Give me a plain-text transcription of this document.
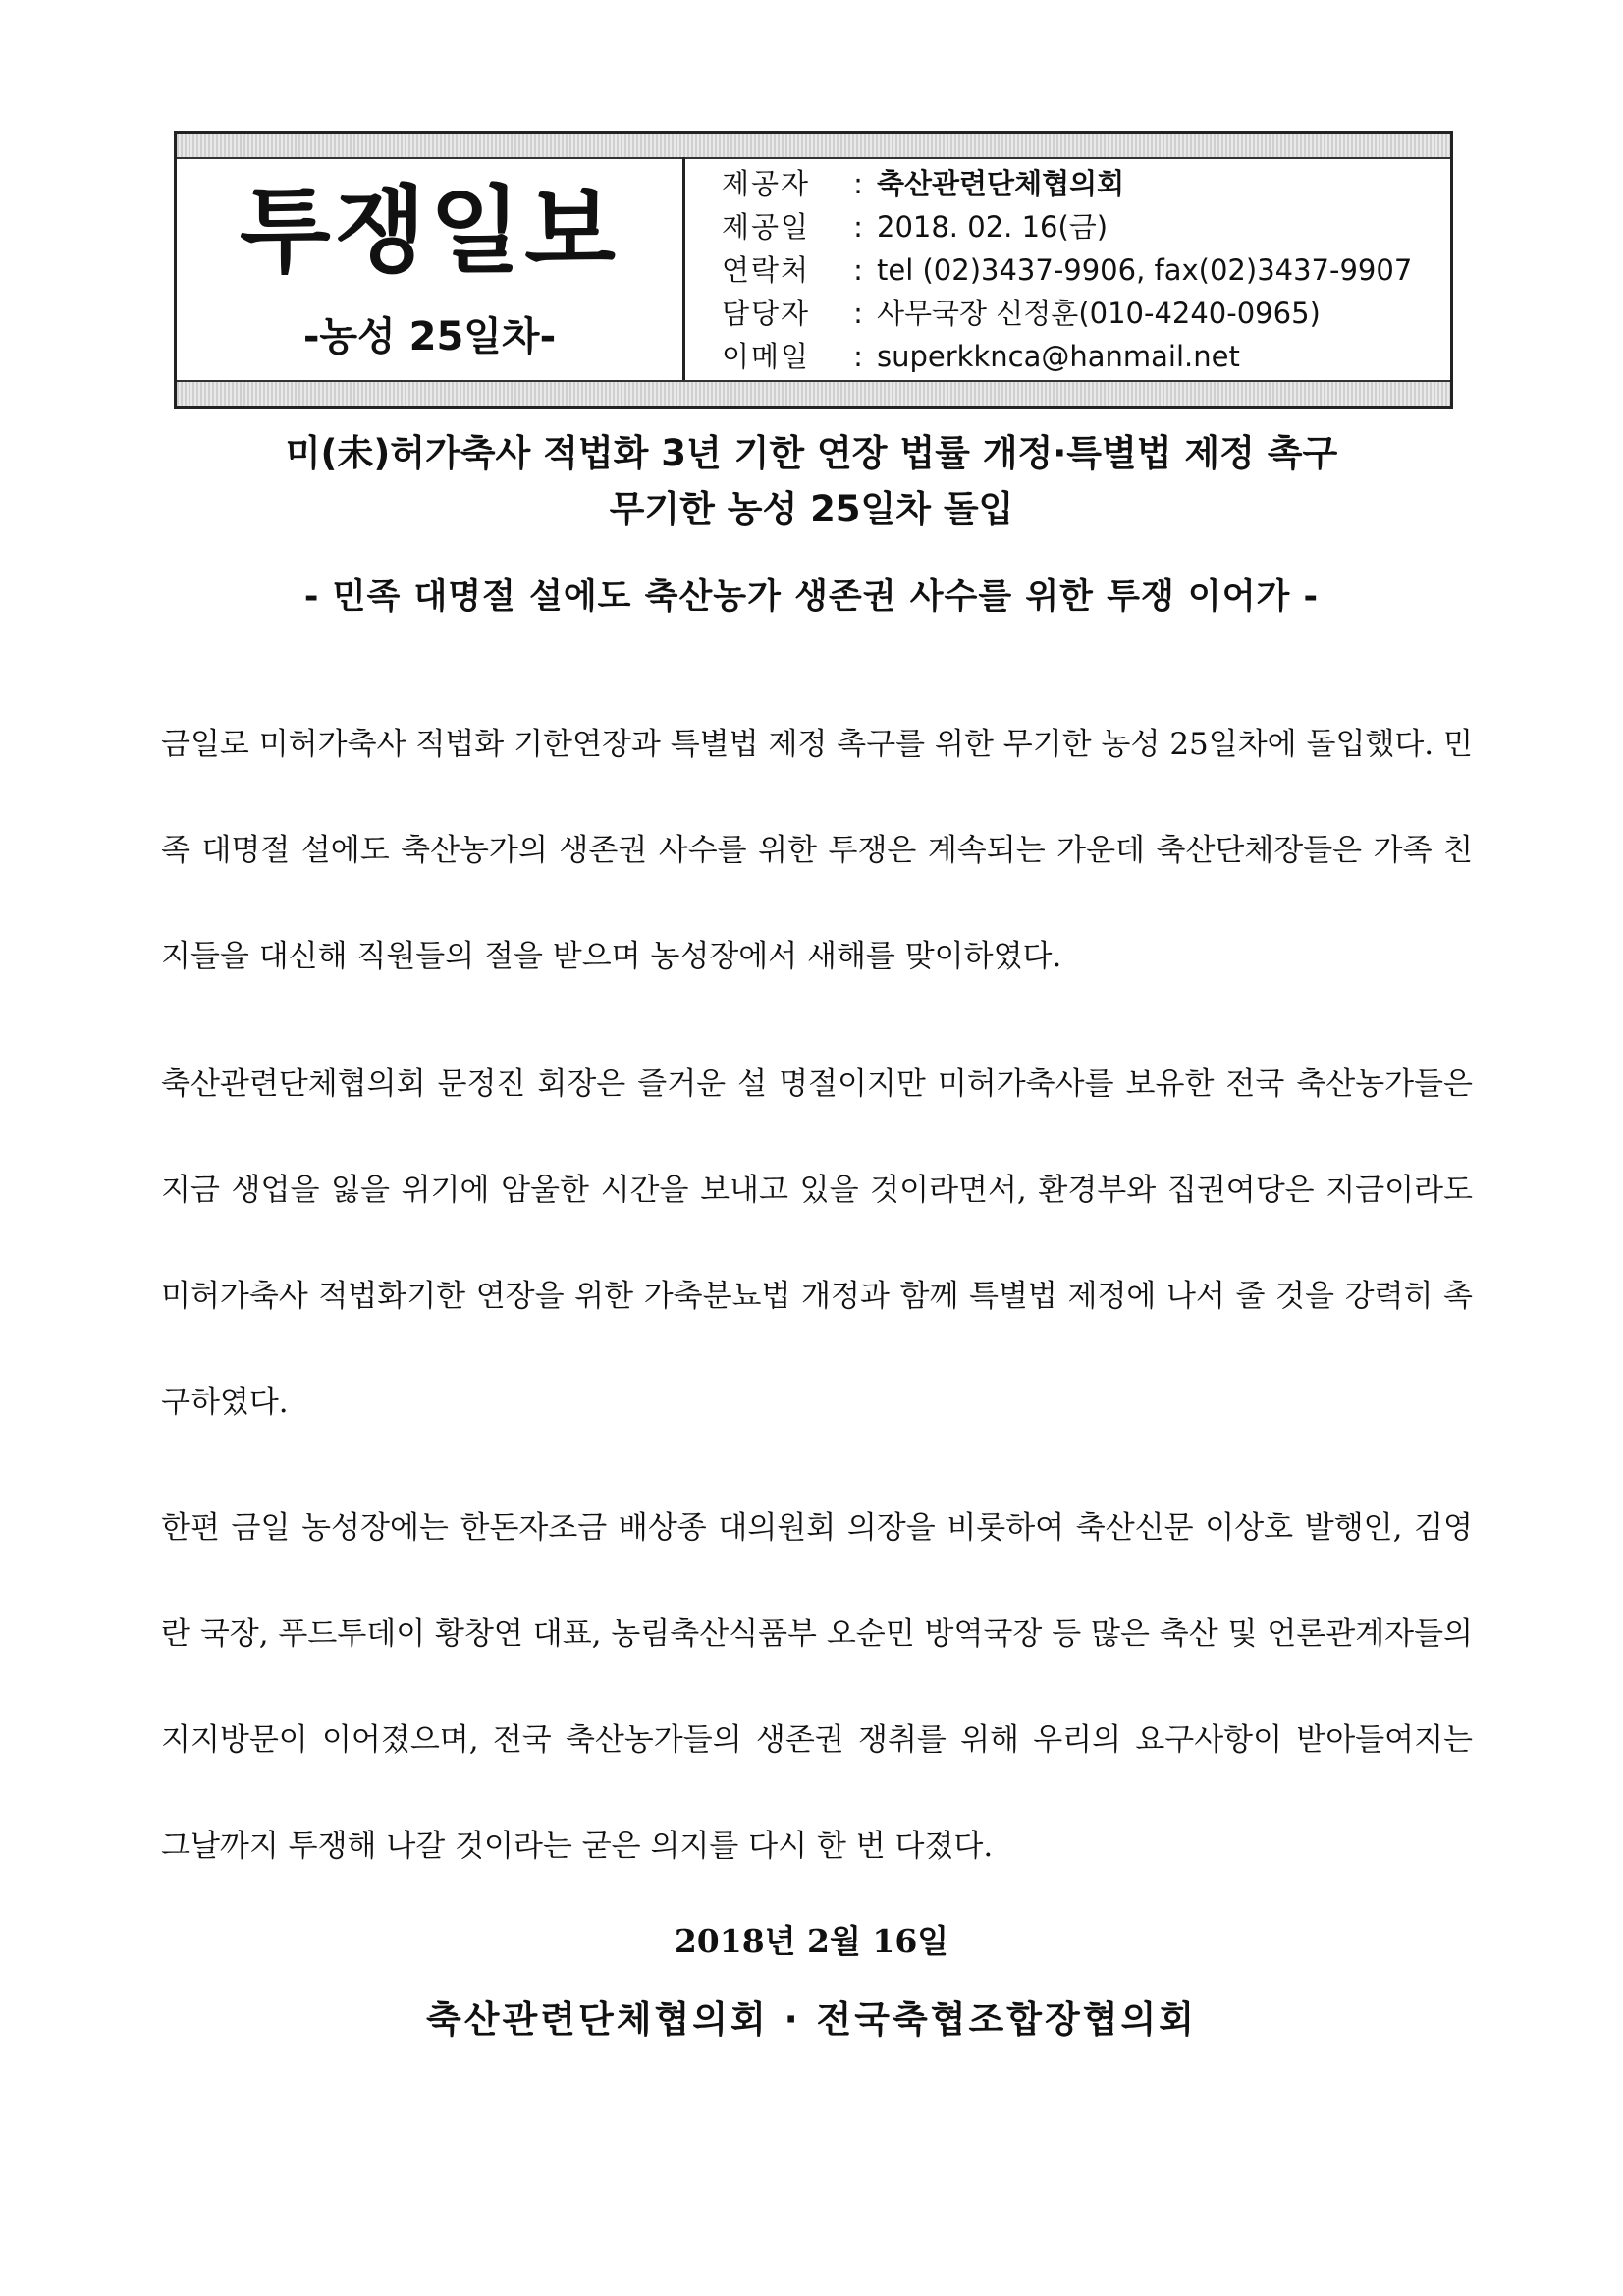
투쟁일보
-농성 25일차-
제공자 : 축산관련단체협의회
제공일 : 2018. 02. 16(금)
연락처 : tel (02)3437-9906, fax(02)3437-9907
담당자 : 사무국장 신정훈(010-4240-0965)
이메일 : superkknca@hanmail.net
미(未)허가축사 적법화 3년 기한 연장 법률 개정·특별법 제정 촉구
무기한 농성 25일차 돌입
- 민족 대명절 설에도 축산농가 생존권 사수를 위한 투쟁 이어가 -

금일로 미허가축사 적법화 기한연장과 특별법 제정 촉구를 위한 무기한 농성 25일차에 돌입했다. 민족 대명절 설에도 축산농가의 생존권 사수를 위한 투쟁은 계속되는 가운데 축산단체장들은 가족 친지들을 대신해 직원들의 절을 받으며 농성장에서 새해를 맞이하였다.

축산관련단체협의회 문정진 회장은 즐거운 설 명절이지만 미허가축사를 보유한 전국 축산농가들은 지금 생업을 잃을 위기에 암울한 시간을 보내고 있을 것이라면서, 환경부와 집권여당은 지금이라도 미허가축사 적법화기한 연장을 위한 가축분뇨법 개정과 함께 특별법 제정에 나서 줄 것을 강력히 촉구하였다.

한편 금일 농성장에는 한돈자조금 배상종 대의원회 의장을 비롯하여 축산신문 이상호 발행인, 김영란 국장, 푸드투데이 황창연 대표, 농림축산식품부 오순민 방역국장 등 많은 축산 및 언론관계자들의 지지방문이 이어졌으며, 전국 축산농가들의 생존권 쟁취를 위해 우리의 요구사항이 받아들여지는 그날까지 투쟁해 나갈 것이라는 굳은 의지를 다시 한 번 다졌다.

2018년 2월 16일
축산관련단체협의회 · 전국축협조합장협의회
